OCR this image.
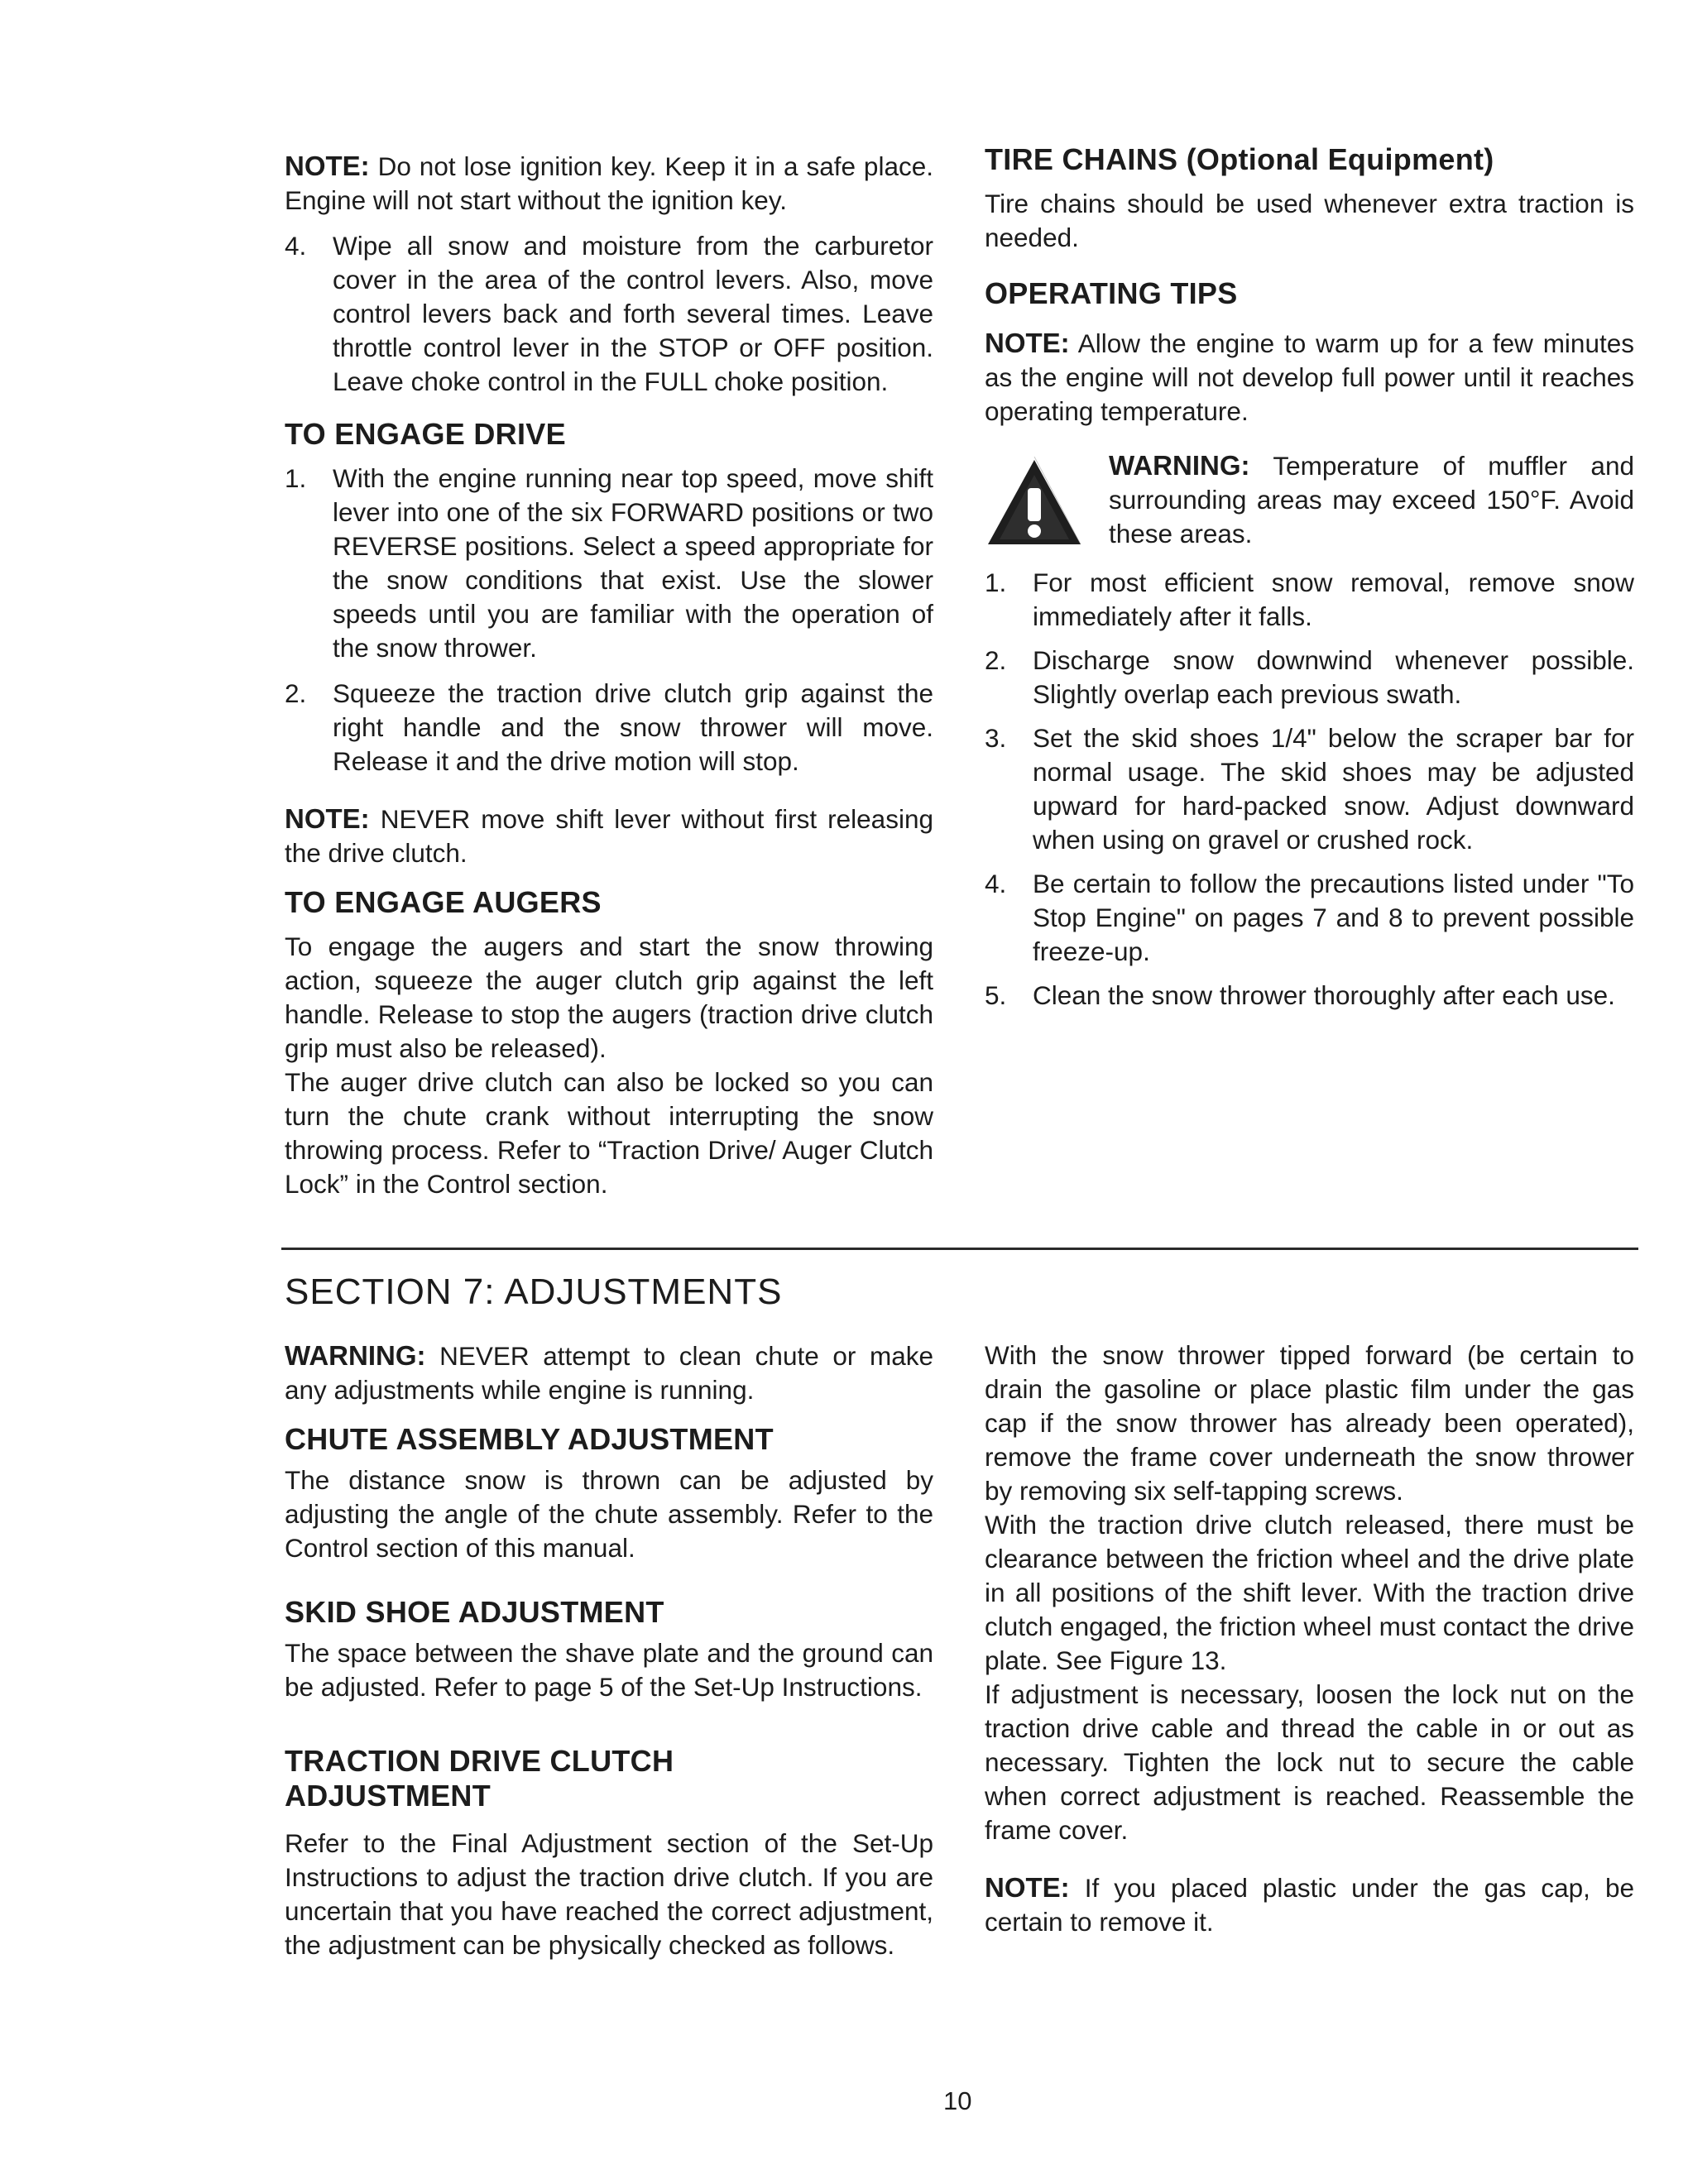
NOTE: Do not lose ignition key. Keep it in a safe place. Engine will not start without the ignition key.

4.	Wipe all snow and moisture from the carburetor cover in the area of the control levers. Also, move control levers back and forth several times. Leave throttle control lever in the STOP or OFF position. Leave choke control in the FULL choke position.
TO ENGAGE DRIVE
1.	With the engine running near top speed, move shift lever into one of the six FORWARD positions or two REVERSE positions. Select a speed appropriate for the snow conditions that exist. Use the slower speeds until you are familiar with the operation of the snow thrower.
2.	Squeeze the traction drive clutch grip against the right handle and the snow thrower will move. Release it and the drive motion will stop.

NOTE: NEVER move shift lever without first releasing the drive clutch.

TO ENGAGE AUGERS

To engage the augers and start the snow throwing action, squeeze the auger clutch grip against the left handle. Release to stop the augers (traction drive clutch grip must also be released).

The auger drive clutch can also be locked so you can turn the chute crank without interrupting the snow throwing process. Refer to “Traction Drive/ Auger Clutch Lock” in the Control section.

TIRE CHAINS (Optional Equipment)

Tire chains should be used whenever extra traction is needed.

OPERATING TIPS

NOTE: Allow the engine to warm up for a few minutes as the engine will not develop full power until it reaches operating temperature.

WARNING: Temperature of muffler and surrounding areas may exceed 150°F. Avoid these areas.

1.	For most efficient snow removal, remove snow immediately after it falls.
2.	Discharge snow downwind whenever possible. Slightly overlap each previous swath.
3.	Set the skid shoes 1/4" below the scraper bar for normal usage. The skid shoes may be adjusted upward for hard-packed snow. Adjust downward when using on gravel or crushed rock.
4.	Be certain to follow the precautions listed under "To Stop Engine" on pages 7 and 8 to prevent possible freeze-up.
5.	Clean the snow thrower thoroughly after each use.
SECTION 7: ADJUSTMENTS

WARNING: NEVER attempt to clean chute or make any adjustments while engine is running.

CHUTE ASSEMBLY ADJUSTMENT

The distance snow is thrown can be adjusted by adjusting the angle of the chute assembly. Refer to the Control section of this manual.

SKID SHOE ADJUSTMENT

The space between the shave plate and the ground can be adjusted. Refer to page 5 of the Set-Up Instructions.

TRACTION DRIVE CLUTCH
ADJUSTMENT

Refer to the Final Adjustment section of the Set-Up Instructions to adjust the traction drive clutch. If you are uncertain that you have reached the correct adjustment, the adjustment can be physically checked as follows.

With the snow thrower tipped forward (be certain to drain the gasoline or place plastic film under the gas cap if the snow thrower has already been operated), remove the frame cover underneath the snow thrower by removing six self-tapping screws.

With the traction drive clutch released, there must be clearance between the friction wheel and the drive plate in all positions of the shift lever. With the traction drive clutch engaged, the friction wheel must contact the drive plate. See Figure 13.

If adjustment is necessary, loosen the lock nut on the traction drive cable and thread the cable in or out as necessary. Tighten the lock nut to secure the cable when correct adjustment is reached. Reassemble the frame cover.

NOTE: If you placed plastic under the gas cap, be certain to remove it.

10
